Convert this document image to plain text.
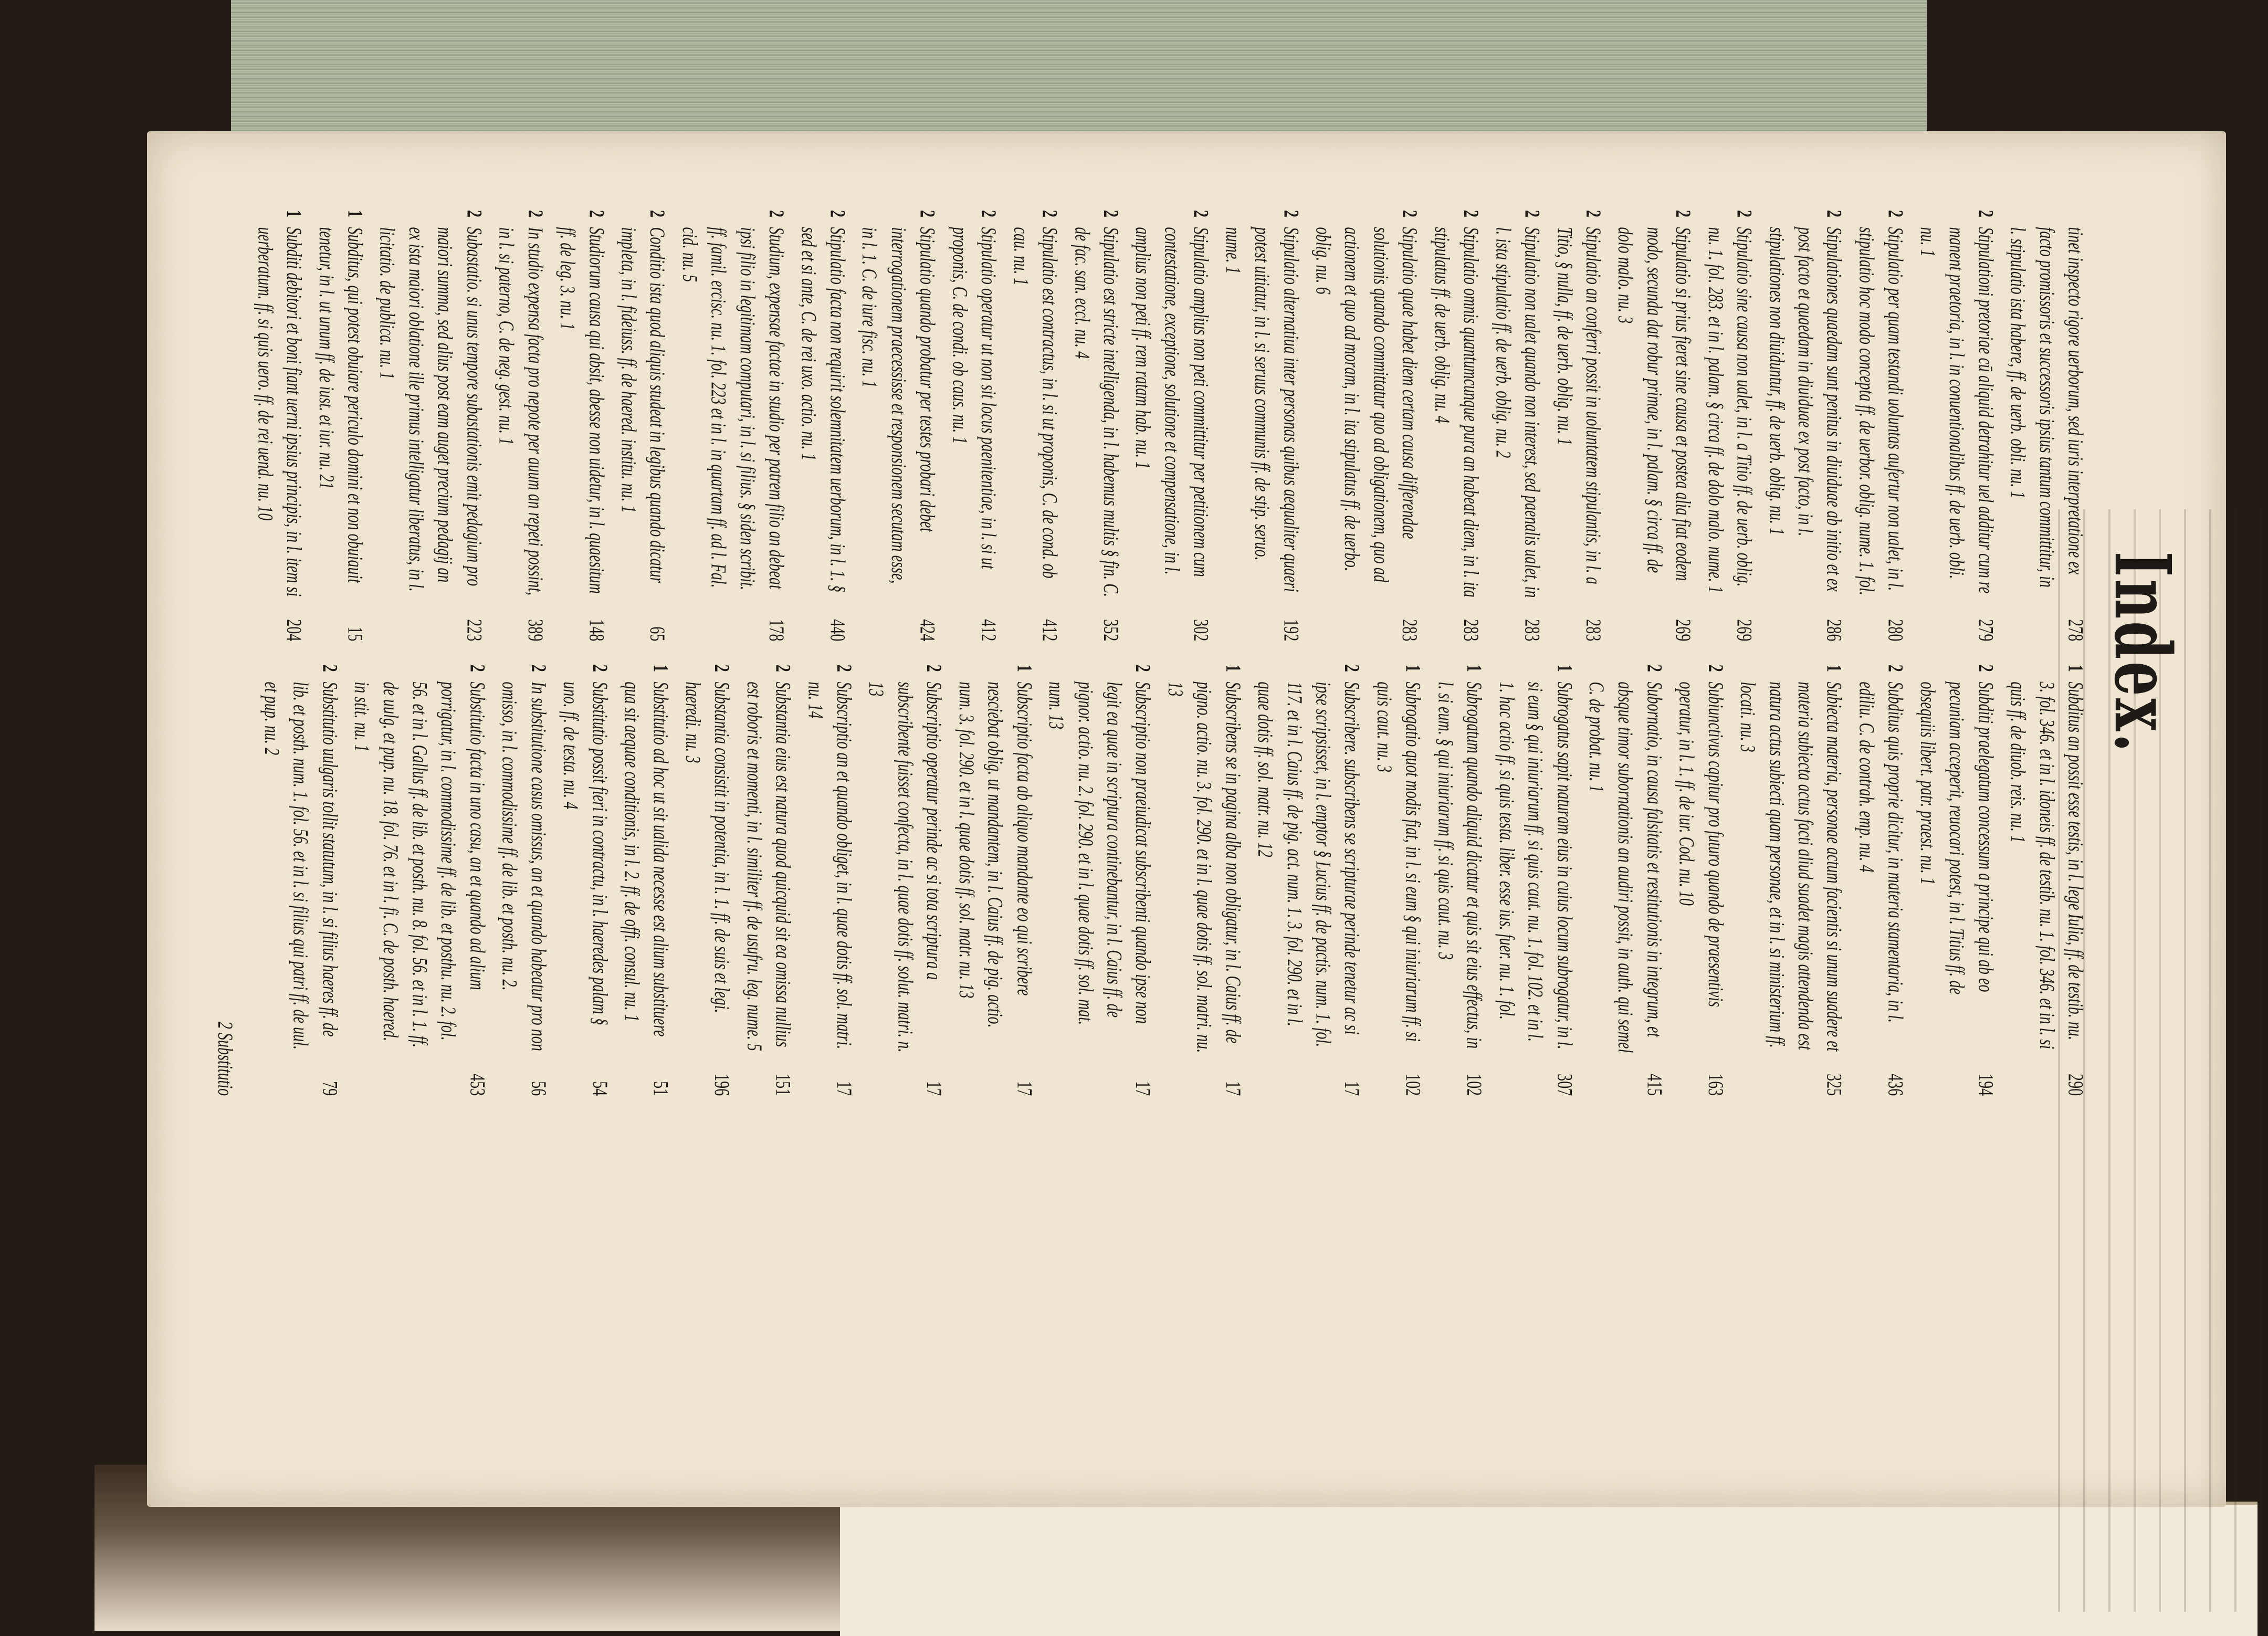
Index.
tinet inspecto rigore uerborum, sed iuris interpretatione ex facto promissoris et successoris ipsius tantum committitur, in l. stipulatio ista habere, ff. de uerb. obli. nu. 1
278
2
Stipulationi pretoriae cū aliquid detrahitur uel additur cum re manent praetoria, in l. in conuentionalibus ff. de uerb. obli. nu. 1
279
2
Stipulatio per quam testandi uoluntas aufertur non ualet, in l. stipulatio hoc modo concepta ff. de uerbor. oblig. nume. 1. fol.
280
2
Stipulationes quaedam sunt penitus in diuiduae ab initio et ex post facto et quaedam in diuiduae ex post facto, in l. stipulationes non diuiduntur, ff. de uerb. oblig. nu. 1
286
2
Stipulatio sine causa non ualet, in l. a Titio ff. de uerb. oblig. nu. 1. fol. 283. et in l. palam. § circa ff. de dolo malo. nume. 1
269
2
Stipulatio si prius fieret sine causa et postea alia fiat eodem modo, secunda dat robur primae, in l. palam. § circa ff. de dolo malo. nu. 3
269
2
Stipulatio an conferri possit in uoluntatem stipulantis, in l. a Titio, § nulla, ff. de uerb. oblig. nu. 1
283
2
Stipulatio non ualet quando non interest, sed paenalis ualet, in l. ista stipulatio ff. de uerb. oblig. nu. 2
283
2
Stipulatio omnis quantumcunque pura an habeat diem, in l. ita stipulatus ff. de uerb. oblig. nu. 4
283
2
Stipulatio quae habet diem certam causa differendae solutionis quando committatur quo ad obligationem, quo ad actionem et quo ad moram, in l. ita stipulatus ff. de uerbo. oblig. nu. 6
283
2
Stipulatio alternatiua inter personas quibus aequaliter quaeri potest uitiatur, in l. si seruus communis ff. de stip. seruo. nume. 1
192
2
Stipulatio amplius non peti committitur per petitionem cum contestatione, exceptione, solutione et compensatione, in l. amplius non peti ff. rem ratam hab. nu. 1
302
2
Stipulatio est stricte intelligenda, in l. habemus multis § fin. C. de fac. san. eccl. nu. 4
352
2
Stipulatio est contractus, in l. si ut proponis, C. de cond. ob cau. nu. 1
412
2
Stipulatio operatur ut non sit locus paenitentiae, in l. si ut proponis, C. de condi. ob caus. nu. 1
412
2
Stipulatio quando probatur per testes probari debet interrogationem praecessisse et responsionem secutam esse, in l. 1. C. de iure fisc. nu. 1
424
2
Stipulatio facta non requirit solemnitatem uerborum, in l. 1. § sed et si ante, C. de rei uxo. actio. nu. 1
440
2
Studium, expensae factae in studio per patrem filio an debeat ipsi filio in legitimam computari, in l. si filius. § siden scribit. ff. famil. ercisc. nu. 1. fol. 223 et in l. in quartam ff. ad l. Fal. cid. nu. 5
178
2
Conditio ista quod aliquis studeat in legibus quando dicatur impleta, in l. fideiuss. ff. de haered. institu. nu. 1
65
2
Studiorum causa qui absit, abesse non uidetur, in l. quaesitum ff. de leg. 3. nu. 1
148
2
In studio expensa facta pro nepote per auum an repeti possint, in l. si paterno, C. de neg. gest. nu. 1
389
2
Subastatio. si unus tempore subastationis emit pedagium pro maiori summa, sed alius post eam auget precium pedagij an ex ista maiori oblatione ille primus intelligatur liberatus, in l. licitatio. de publica. nu. 1
223
1
Subditus, qui potest obuiare periculo domini et non obuiauit tenetur, in l. ut unum ff. de iust. et iur. nu. 21
15
1
Subditi debitori et boni fiant uerni ipsius principis, in l. item si uerberatum. ff. si quis uero. ff. de rei uend. nu. 10
204
1
Subditus an possit esse testis, in l. lege Iulia, ff. de testib. nu. 3. fol. 346. et in l. idoneis ff. de testib. nu. 1. fol. 346. et in l. si quis ff. de diuob. reis. nu. 1
290
2
Subditi praelegatum concessum a principe qui ab eo pecuniam acceperit, reuocari potest, in l. Titius ff. de obsequiis libert. patr. praest. nu. 1
194
2
Subditus quis proprie dicitur, in materia stamentaria, in l. ediliu. C. de contrah. emp. nu. 4
436
1
Subiecta materia, personae actum facientis si unum suadere et materia subiecta actus facti aliud suadet magis attendenda est natura actus subiecti quam personae, et in l. si ministerium ff. locati. nu. 3
325
2
Subiunctivus capitur pro futuro quando de praesentivis operatur, in l. 1. ff. de iur. Cod. nu. 10
163
2
Subornatio, in causa falsitatis et restitutionis in integrum, et absque timor subornationis an audiri possit, in auth. qui semel C. de probat. nu. 1
415
1
Subrogatus sapit naturam eius in cuius locum subrogatur, in l. si eum § qui iniuriarum ff. si quis caut. nu. 1. fol. 102. et in l. 1. hac actio ff. si quis testa. liber. esse ius. fuer. nu. 1. fol.
307
1
Subrogatum quando aliquid dicatur et quis sit eius effectus, in l. si eum. § qui iniuriarum ff. si quis caut. nu. 3
102
1
Subrogatio quot modis fiat, in l. si eum § qui iniuriarum ff. si quis caut. nu. 3
102
2
Subscribere. subscribens se scripturae perinde tenetur ac si ipse scripsisset, in l. emptor § Lucius ff. de pactis. num. 1. fol. 117. et in l. Caius ff. de pig. act. num. 1. 3. fol. 290. et in l. quae dotis ff. sol. matr. nu. 12
17
1
Subscribens se in pagina alba non obligatur, in l. Caius ff. de pigno. actio. nu. 3. fol. 290. et in l. quae dotis ff. sol. matri. nu. 13
17
2
Subscriptio non praeiudicat subscribenti quando ipse non legit ea quae in scriptura continebantur, in l. Caius ff. de pignor. actio. nu. 2. fol. 290. et in l. quae dotis ff. sol. mat. num. 13
17
1
Subscriptio facta ab aliquo mandante eo qui scribere nesciebat oblig. ut mandantem, in l. Caius ff. de pig. actio. num. 3. fol. 290. et in l. quae dotis ff. sol. matr. nu. 13
17
2
Subscriptio operatur perinde ac si tota scriptura a subscribente fuisset confecta, in l. quae dotis ff. solut. matri. n. 13
17
2
Subscriptio an et quando obliget, in l. quae dotis ff. sol. matri. nu. 14
17
2
Substantia eius est natura quod quicquid sit ea omissa nullius est roboris et momenti, in l. similiter ff. de usufru. leg. nume. 5
151
2
Substantia consistit in potentia, in l. 1. ff. de suis et legi. haeredi. nu. 3
196
1
Substitutio ad hoc ut sit ualida necesse est alium substituere qua sit aequae conditionis, in l. 2. ff. de offi. consul. nu. 1
51
2
Substitutio possit fieri in contractu, in l. haeredes palam § uno. ff. de testa. nu. 4
54
2
In substitutione casus omissus, an et quando habeatur pro non omisso, in l. commodissime ff. de lib. et posth. nu. 2.
56
2
Substitutio facta in uno casu, an et quando ad alium porrigatur, in l. commodissime ff. de lib. et posthu. nu. 2. fol. 56. et in l. Gallus ff. de lib. et posth. nu. 8. fol. 56. et in l. 1. ff. de uulg. et pup. nu. 18. fol. 76. et in l. fi. C. de posth. haered. in stit. nu. 1
453
2
Substitutio uulgaris tollit statutum, in l. si filius haeres ff. de lib. et posth. num. 1. fol. 56. et in l. si filius qui patri ff. de uul. et pup. nu. 2
79
2 Substitutio
